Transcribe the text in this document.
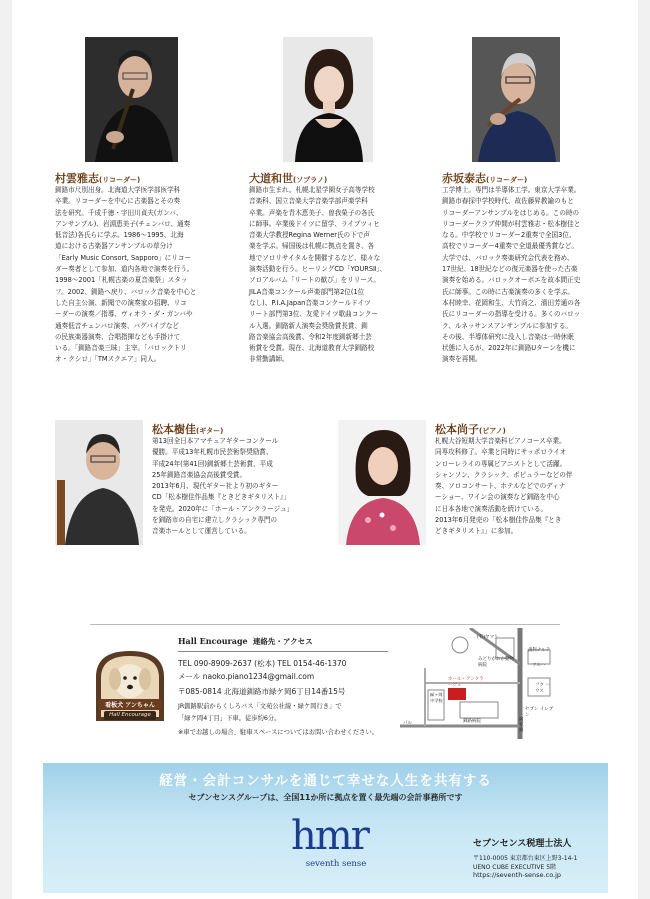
村雲雅志(リコーダー)
釧路市尺別出身。北海道大学医学部医学科
卒業。リコーダーを中心に古楽器とその奏
法を研究。千成千徳・宇田川貞夫(ガンバ、
アンサンブル)、岩淵恵美子(チェンバロ、通奏
低音法)各氏らに学ぶ。1986～1995、北海
道における古楽器アンサンブルの草分け
「Early Music Consort, Sapporo」にリコー
ダー奏者として参加、道内各地で演奏を行う。
1998～2001「札幌古楽の夏音楽祭」スタッ
フ。2002、釧路へ戻り、バロック音楽を中心と
した自主公演、新聞での演奏家の招聘、リコ
ーダーの演奏／指導、ヴィオラ・ダ・ガンバや
通奏低音チェンバロ演奏、バグパイプなど
の民族楽器演奏、合唱指揮なども手掛けて
いる。「釧路音楽三昧」主宰。「バロックトリ
オ・クシロ」「TMスクエア」同人。
大道和世(ソプラノ)
釧路市生まれ。札幌北星学園女子高等学校
音楽科、国立音楽大学音楽学部声楽学科
卒業。声楽を青木恵美子、曽我榮子の各氏
に師事。卒業後ドイツに留学、ライプツィヒ
音楽大学教授Regina Werner氏の下で声
楽を学ぶ。帰国後は札幌に拠点を置き、各
地でソロリサイタルを開催するなど、様々な
演奏活動を行う。ヒーリングCD「YOURSⅡ」、
ソロアルバム「リートの歓び」をリリース。
JILA音楽コンクール声楽部門第2位(1位
なし)、P.I.A.Japan音楽コンクールドイツ
リート部門第3位、友愛ドイツ歌曲コンクー
ル入選。釧路新人演奏会奨励賞長賞、釧
路音楽協会高後賞、令和2年度釧新郷土芸
術賞を受賞。現在、北海道教育大学釧路校
非常勤講師。
赤坂泰志(リコーダー)
工学博士。専門は半導体工学。東京大学卒業。
釧路市春採中学校時代、故佐藤昇教諭のもと
リコーダーアンサンブルをはじめる。この時の
リコーダークラブ仲間が村雲雅志・松本樹佳と
なる。中学校でリコーダー2重奏で全国3位、
高校でリコーダー4重奏で全道最優秀賞など。
大学では、バロック奏楽研究会代表を務め、
17世紀、18世紀などの復元楽器を使った古楽
演奏を始める。バロックオーボエを故本間正史
氏に師事。この時に古楽演奏の多くを学ぶ。
本村睦幸、花岡和生、大竹尚之、濱田芳通の各
氏にリコーダーの指導を受ける。多くのバロッ
ク、ルネッサンスアンサンブルに参加する。
その後、半導体研究に没入し音楽は一時休眠
状態に入るが、2022年に釧路Uターンを機に
演奏を再開。
松本樹佳(ギター)
第13回全日本アマチュアギターコンクール
優勝。平成13年札幌市民芸術祭奨励賞、
平成24年(第41回)釧新郷土芸術賞、平成
25年釧路音楽協会高後賞受賞。
2013年6月、現代ギター社より初のギター
CD「松本樹佳作品集『ときどきギタリスト』」
を発売。2020年に「ホール・アンクラージュ」
を釧路市の自宅に建立しクラシック専門の
音楽ホールとして運営している。
松本尚子(ピアノ)
札幌大谷短期大学音楽科ピアノコース卒業。
同専攻科修了。卒業と同時にサッポロライオ
ンローレライの専属ピアニストとして活躍。
シャンソン、クラシック、ポピュラーなどの伴
奏、ソロコンサート、ホテルなどでのディナ
ーショー、ワイン会の演奏など釧路を中心
に日本各地で演奏活動を続けている。
2013年6月発売の「松本樹佳作品集『とき
どきギタリスト』」に参加。
看板犬 アンちゃん
Hall Encourage
Hall Encourage 連絡先・アクセス
TEL 090-8909-2637 (松本) TEL 0154-46-1370
メール naoko.piano1234@gmail.com
〒085-0814 北海道釧路市緑ケ岡6丁目14番15号
JR釧路駅前からくしろバス「文苑公社線・緑ケ岡行き」で
「緑ケ岡4丁目」下車。徒歩約6分。
※車でお越しの場合、駐車スペースについてはお問い合わせください。
(有)ヤマト
歯科ナルテ
みどりがおか動物病院	ツルハ
ホール・アンクラージュ	フク ハウス
緑ヶ岡中学校
セブン イレブン
釧路病院
パル
阿寒通
経営・会計コンサルを通じて幸せな人生を共有する
セブンセンスグループは、全国11か所に拠点を置く最先端の会計事務所です
hmr
seventh sense
セブンセンス税理士法人
〒110-0005 東京都台東区上野3-14-1
UENO CUBE EXECUTIVE 5階
https://seventh-sense.co.jp
